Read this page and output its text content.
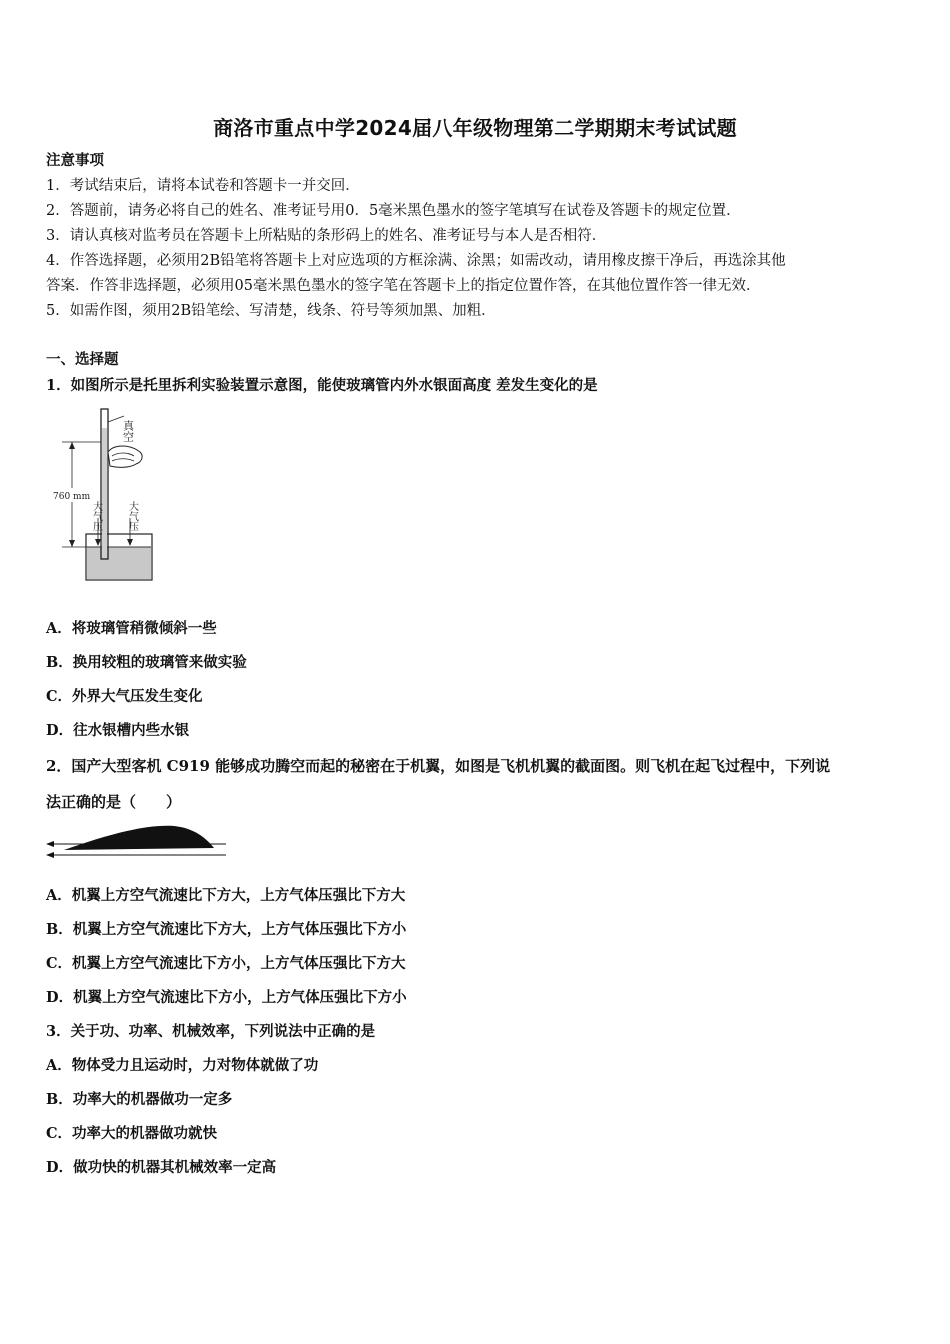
商洛市重点中学2024届八年级物理第二学期期末考试试题
注意事项
1．考试结束后，请将本试卷和答题卡一并交回．
2．答题前，请务必将自己的姓名、准考证号用0．5毫米黑色墨水的签字笔填写在试卷及答题卡的规定位置．
3．请认真核对监考员在答题卡上所粘贴的条形码上的姓名、准考证号与本人是否相符．
4．作答选择题，必须用2B铅笔将答题卡上对应选项的方框涂满、涂黑；如需改动，请用橡皮擦干净后，再选涂其他
答案．作答非选择题，必须用05毫米黑色墨水的签字笔在答题卡上的指定位置作答，在其他位置作答一律无效．
5．如需作图，须用2B铅笔绘、写清楚，线条、符号等须加黑、加粗．
一、选择题
1．如图所示是托里拆利实验装置示意图，能使玻璃管内外水银面高度 差发生变化的是
真空
760 mm
大气压	大气压
A．将玻璃管稍微倾斜一些
B．换用较粗的玻璃管来做实验
C．外界大气压发生变化
D．往水银槽内些水银
2．国产大型客机 C919 能够成功腾空而起的秘密在于机翼，如图是飞机机翼的截面图。则飞机在起飞过程中，下列说
法正确的是（　　）
A．机翼上方空气流速比下方大，上方气体压强比下方大
B．机翼上方空气流速比下方大，上方气体压强比下方小
C．机翼上方空气流速比下方小，上方气体压强比下方大
D．机翼上方空气流速比下方小，上方气体压强比下方小
3．关于功、功率、机械效率，下列说法中正确的是
A．物体受力且运动时，力对物体就做了功
B．功率大的机器做功一定多
C．功率大的机器做功就快
D．做功快的机器其机械效率一定高
